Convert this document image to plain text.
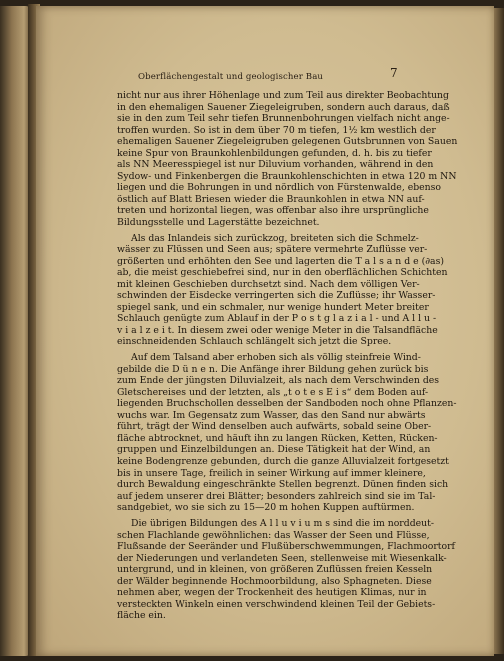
Oberflächengestalt und geologischer Bau	7
nicht nur aus ihrer Höhenlage und zum Teil aus direkter Beobachtung
in den ehemaligen Sauener Ziegeleigruben, sondern auch daraus, daß
sie in den zum Teil sehr tiefen Brunnenbohrungen vielfach nicht ange-
troffen wurden. So ist in dem über 70 m tiefen, 1½ km westlich der
ehemaligen Sauener Ziegeleigruben gelegenen Gutsbrunnen von Sauen
keine Spur von Braunkohlenbildungen gefunden, d. h. bis zu tiefer
als NN Meeresspiegel ist nur Diluvium vorhanden, während in den
Sydow- und Finkenbergen die Braunkohlenschichten in etwa 120 m NN
liegen und die Bohrungen in und nördlich von Fürstenwalde, ebenso
östlich auf Blatt Briesen wieder die Braunkohlen in etwa NN auf-
treten und horizontal liegen, was offenbar also ihre ursprüngliche
Bildungsstelle und Lagerstätte bezeichnet.
Als das Inlandeis sich zurückzog, breiteten sich die Schmelz-
wässer zu Flüssen und Seen aus; spätere vermehrte Zuflüsse ver-
größerten und erhöhten den See und lagerten die T a l s a n d e (∂as)
ab, die meist geschiebefrei sind, nur in den oberflächlichen Schichten
mit kleinen Geschieben durchsetzt sind. Nach dem völligen Ver-
schwinden der Eisdecke verringerten sich die Zuflüsse; ihr Wasser-
spiegel sank, und ein schmaler, nur wenige hundert Meter breiter
Schlauch genügte zum Ablauf in der P o s t g l a z i a l - und A l l u -
v i a l z e i t. In diesem zwei oder wenige Meter in die Talsandfläche
einschneidenden Schlauch schlängelt sich jetzt die Spree.
Auf dem Talsand aber erhoben sich als völlig steinfreie Wind-
gebilde die D ü n e n. Die Anfänge ihrer Bildung gehen zurück bis
zum Ende der jüngsten Diluvialzeit, als nach dem Verschwinden des
Gletschereises und der letzten, als „t o t e s E i s“ dem Boden auf-
liegenden Bruchschollen desselben der Sandboden noch ohne Pflanzen-
wuchs war. Im Gegensatz zum Wasser, das den Sand nur abwärts
führt, trägt der Wind denselben auch aufwärts, sobald seine Ober-
fläche abtrocknet, und häuft ihn zu langen Rücken, Ketten, Rücken-
gruppen und Einzelbildungen an. Diese Tätigkeit hat der Wind, an
keine Bodengrenze gebunden, durch die ganze Alluvialzeit fortgesetzt
bis in unsere Tage, freilich in seiner Wirkung auf immer kleinere,
durch Bewaldung eingeschränkte Stellen begrenzt. Dünen finden sich
auf jedem unserer drei Blätter; besonders zahlreich sind sie im Tal-
sandgebiet, wo sie sich zu 15—20 m hohen Kuppen auftürmen.
Die übrigen Bildungen des A l l u v i u m s sind die im norddeut-
schen Flachlande gewöhnlichen: das Wasser der Seen und Flüsse,
Flußsande der Seeränder und Flußüberschwemmungen, Flachmoortorf
der Niederungen und verlandeten Seen, stellenweise mit Wiesenkalk-
untergrund, und in kleinen, von größeren Zuflüssen freien Kesseln
der Wälder beginnende Hochmoorbildung, also Sphagneten. Diese
nehmen aber, wegen der Trockenheit des heutigen Klimas, nur in
versteckten Winkeln einen verschwindend kleinen Teil der Gebiets-
fläche ein.
